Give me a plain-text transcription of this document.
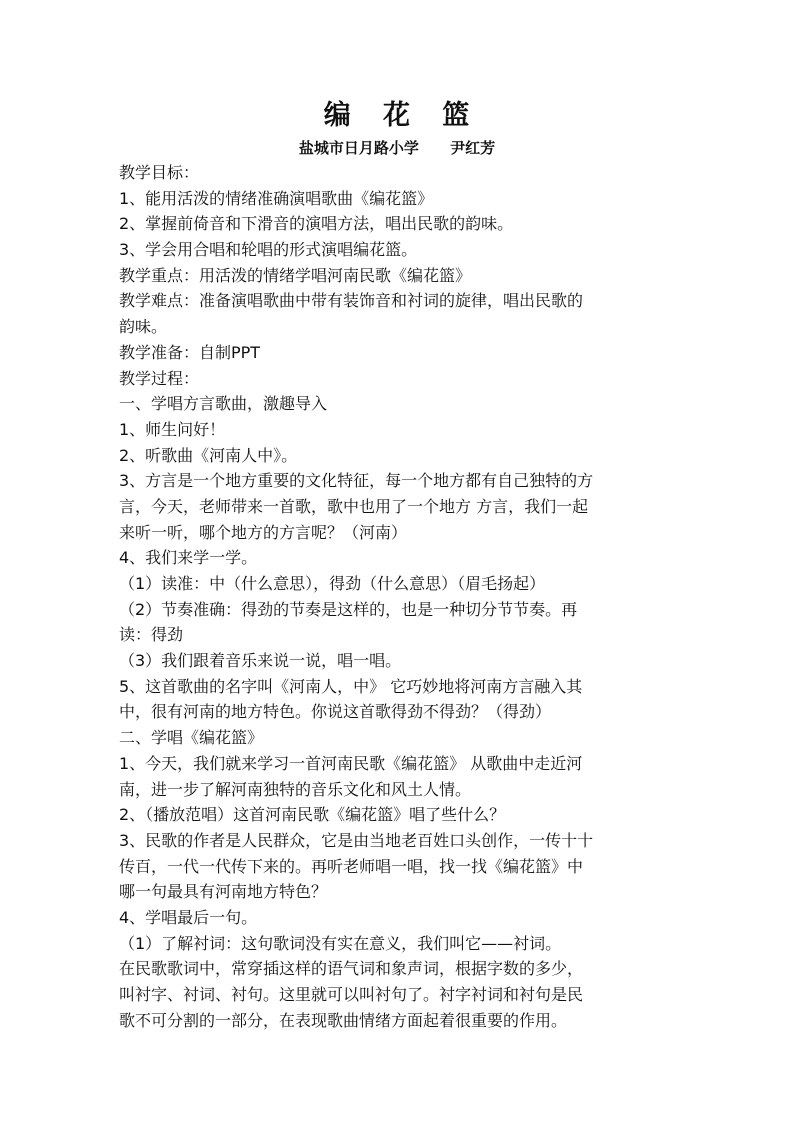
编   花   篮
盐城市日月路小学      尹红芳
教学目标：
1、能用活泼的情绪准确演唱歌曲《编花篮》
2、掌握前倚音和下滑音的演唱方法，唱出民歌的韵味。
3、学会用合唱和轮唱的形式演唱编花篮。
教学重点：用活泼的情绪学唱河南民歌《编花篮》
教学难点：准备演唱歌曲中带有装饰音和衬词的旋律，唱出民歌的
韵味。
教学准备：自制PPT
教学过程：
一、学唱方言歌曲，激趣导入
1、师生问好！
2、听歌曲《河南人中》。
3、方言是一个地方重要的文化特征，每一个地方都有自己独特的方
言，今天，老师带来一首歌，歌中也用了一个地方 方言，我们一起
来听一听，哪个地方的方言呢？（河南）
4、我们来学一学。
（1）读准：中（什么意思），得劲（什么意思）（眉毛扬起）
（2）节奏准确：得劲的节奏是这样的，也是一种切分节节奏。再
读：得劲
（3）我们跟着音乐来说一说，唱一唱。
5、这首歌曲的名字叫《河南人，中》 它巧妙地将河南方言融入其
中，很有河南的地方特色。你说这首歌得劲不得劲？（得劲）
二、学唱《编花篮》
1、今天，我们就来学习一首河南民歌《编花篮》 从歌曲中走近河
南，进一步了解河南独特的音乐文化和风土人情。
2、（播放范唱）这首河南民歌《编花篮》唱了些什么？
3、民歌的作者是人民群众，它是由当地老百姓口头创作，一传十十
传百，一代一代传下来的。再听老师唱一唱，找一找《编花篮》中
哪一句最具有河南地方特色？
4、学唱最后一句。
（1）了解衬词：这句歌词没有实在意义，我们叫它——衬词。
在民歌歌词中，常穿插这样的语气词和象声词，根据字数的多少，
叫衬字、衬词、衬句。这里就可以叫衬句了。衬字衬词和衬句是民
歌不可分割的一部分，在表现歌曲情绪方面起着很重要的作用。
